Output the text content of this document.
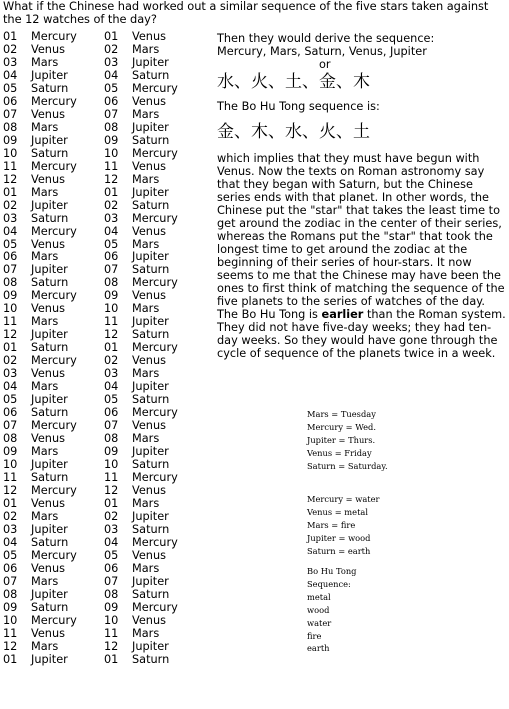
What if the Chinese had worked out a similar sequence of the five stars taken against the 12 watches of the day?
01 Mercury
02 Venus
03 Mars
04 Jupiter
05 Saturn
06 Mercury
07 Venus
08 Mars
09 Jupiter
10 Saturn
11 Mercury
12 Venus
01 Mars
02 Jupiter
03 Saturn
04 Mercury
05 Venus
06 Mars
07 Jupiter
08 Saturn
09 Mercury
10 Venus
11 Mars
12 Jupiter
01 Saturn
02 Mercury
03 Venus
04 Mars
05 Jupiter
06 Saturn
07 Mercury
08 Venus
09 Mars
10 Jupiter
11 Saturn
12 Mercury
01 Venus
02 Mars
03 Jupiter
04 Saturn
05 Mercury
06 Venus
07 Mars
08 Jupiter
09 Saturn
10 Mercury
11 Venus
12 Mars
01 Jupiter
01 Venus
02 Mars
03 Jupiter
04 Saturn
05 Mercury
06 Venus
07 Mars
08 Jupiter
09 Saturn
10 Mercury
11 Venus
12 Mars
01 Jupiter
02 Saturn
03 Mercury
04 Venus
05 Mars
06 Jupiter
07 Saturn
08 Mercury
09 Venus
10 Mars
11 Jupiter
12 Saturn
01 Mercury
02 Venus
03 Mars
04 Jupiter
05 Saturn
06 Mercury
07 Venus
08 Mars
09 Jupiter
10 Saturn
11 Mercury
12 Venus
01 Mars
02 Jupiter
03 Saturn
04 Mercury
05 Venus
06 Mars
07 Jupiter
08 Saturn
09 Mercury
10 Venus
11 Mars
12 Jupiter
01 Saturn
Then they would derive the sequence:
Mercury, Mars, Saturn, Venus, Jupiter
or
水、火、土、金、木
The Bo Hu Tong sequence is:
金、木、水、火、土
which implies that they must have begun with Venus. Now the texts on Roman astronomy say that they began with Saturn, but the Chinese series ends with that planet. In other words, the Chinese put the "star" that takes the least time to get around the zodiac in the center of their series, whereas the Romans put the "star" that took the longest time to get around the zodiac at the beginning of their series of hour-stars. It now seems to me that the Chinese may have been the ones to first think of matching the sequence of the five planets to the series of watches of the day. The Bo Hu Tong is earlier than the Roman system. They did not have five-day weeks; they had ten-day weeks. So they would have gone through the cycle of sequence of the planets twice in a week.
Mars = Tuesday
Mercury = Wed.
Jupiter = Thurs.
Venus = Friday
Saturn = Saturday.
Mercury = water
Venus = metal
Mars = fire
Jupiter = wood
Saturn = earth
Bo Hu Tong
Sequence:
metal
wood
water
fire
earth
